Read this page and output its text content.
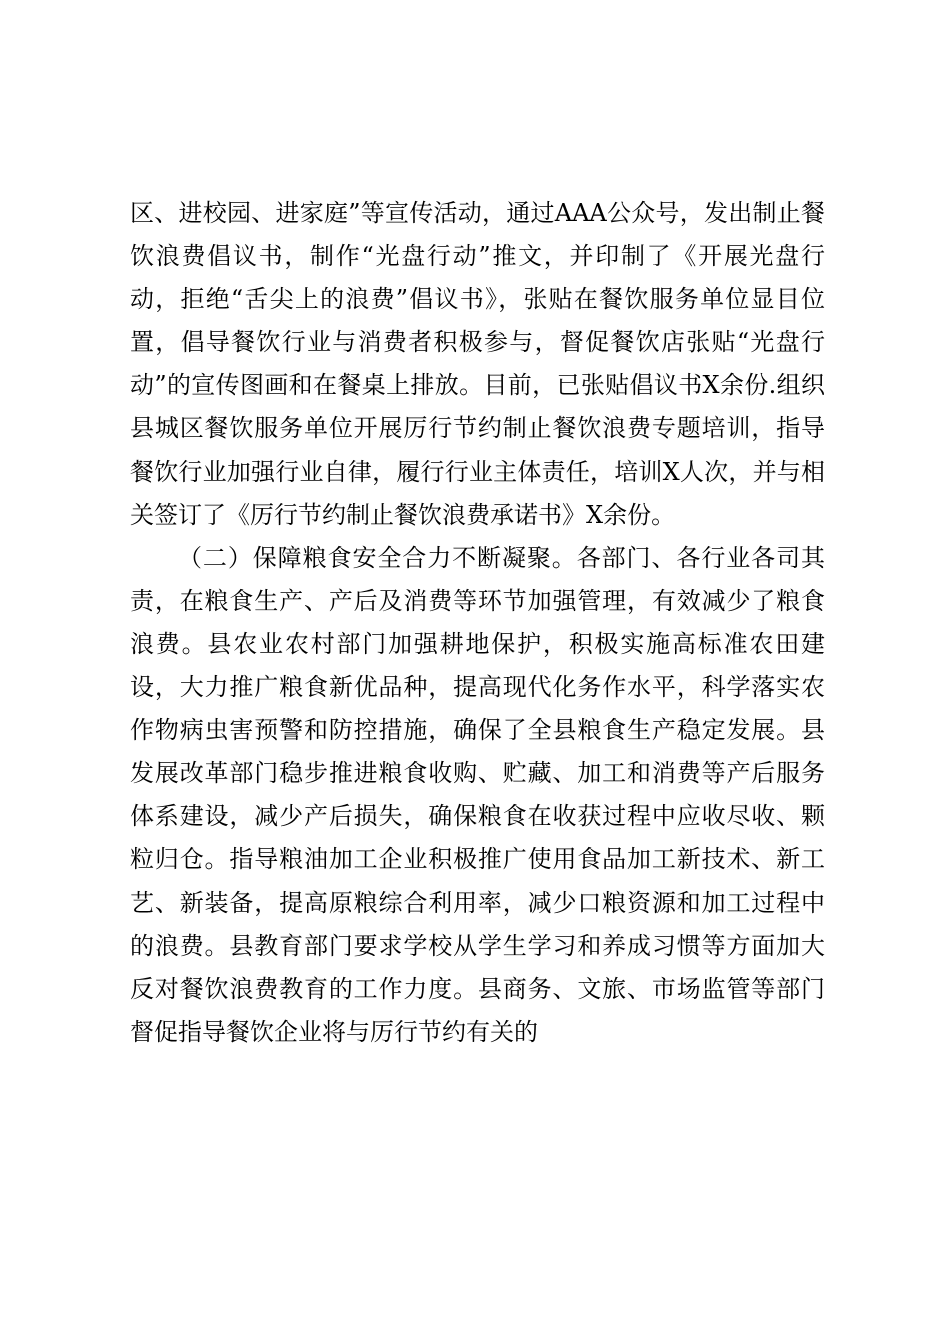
区、进校园、进家庭”等宣传活动，通过AAA公众号，发出制止餐饮浪费倡议书，制作“光盘行动”推文，并印制了《开展光盘行动，拒绝“舌尖上的浪费”倡议书》，张贴在餐饮服务单位显目位置，倡导餐饮行业与消费者积极参与，督促餐饮店张贴“光盘行动”的宣传图画和在餐桌上排放。目前，已张贴倡议书X余份.组织县城区餐饮服务单位开展厉行节约制止餐饮浪费专题培训，指导餐饮行业加强行业自律，履行行业主体责任，培训X人次，并与相关签订了《厉行节约制止餐饮浪费承诺书》X余份。

（二）保障粮食安全合力不断凝聚。各部门、各行业各司其责，在粮食生产、产后及消费等环节加强管理，有效减少了粮食浪费。县农业农村部门加强耕地保护，积极实施高标准农田建设，大力推广粮食新优品种，提高现代化务作水平，科学落实农作物病虫害预警和防控措施，确保了全县粮食生产稳定发展。县发展改革部门稳步推进粮食收购、贮藏、加工和消费等产后服务体系建设，减少产后损失，确保粮食在收获过程中应收尽收、颗粒归仓。指导粮油加工企业积极推广使用食品加工新技术、新工艺、新装备，提高原粮综合利用率，减少口粮资源和加工过程中的浪费。县教育部门要求学校从学生学习和养成习惯等方面加大反对餐饮浪费教育的工作力度。县商务、文旅、市场监管等部门督促指导餐饮企业将与厉行节约有关的
